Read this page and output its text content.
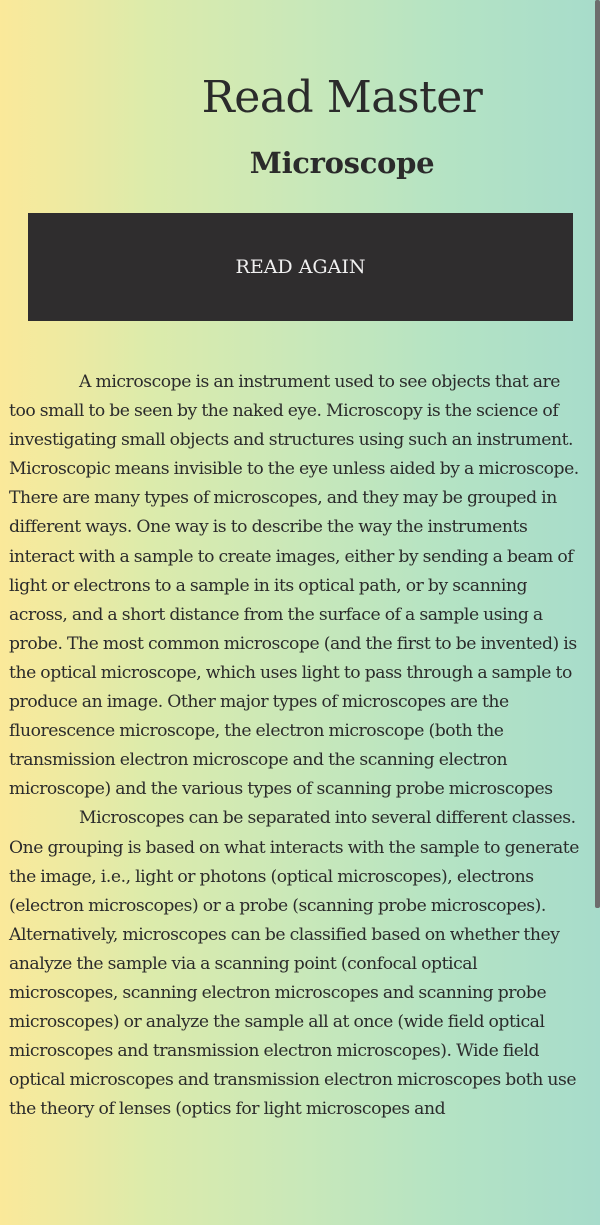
Read Master
Microscope
READ AGAIN

A microscope is an instrument used to see objects that are too small to be seen by the naked eye. Microscopy is the science of investigating small objects and structures using such an instrument. Microscopic means invisible to the eye unless aided by a microscope. There are many types of microscopes, and they may be grouped in different ways. One way is to describe the way the instruments interact with a sample to create images, either by sending a beam of light or electrons to a sample in its optical path, or by scanning across, and a short distance from the surface of a sample using a probe. The most common microscope (and the first to be invented) is the optical microscope, which uses light to pass through a sample to produce an image. Other major types of microscopes are the fluorescence microscope, the electron microscope (both the transmission electron microscope and the scanning electron microscope) and the various types of scanning probe microscopes

Microscopes can be separated into several different classes. One grouping is based on what interacts with the sample to generate the image, i.e., light or photons (optical microscopes), electrons (electron microscopes) or a probe (scanning probe microscopes). Alternatively, microscopes can be classified based on whether they analyze the sample via a scanning point (confocal optical microscopes, scanning electron microscopes and scanning probe microscopes) or analyze the sample all at once (wide field optical microscopes and transmission electron microscopes). Wide field optical microscopes and transmission electron microscopes both use the theory of lenses (optics for light microscopes and
